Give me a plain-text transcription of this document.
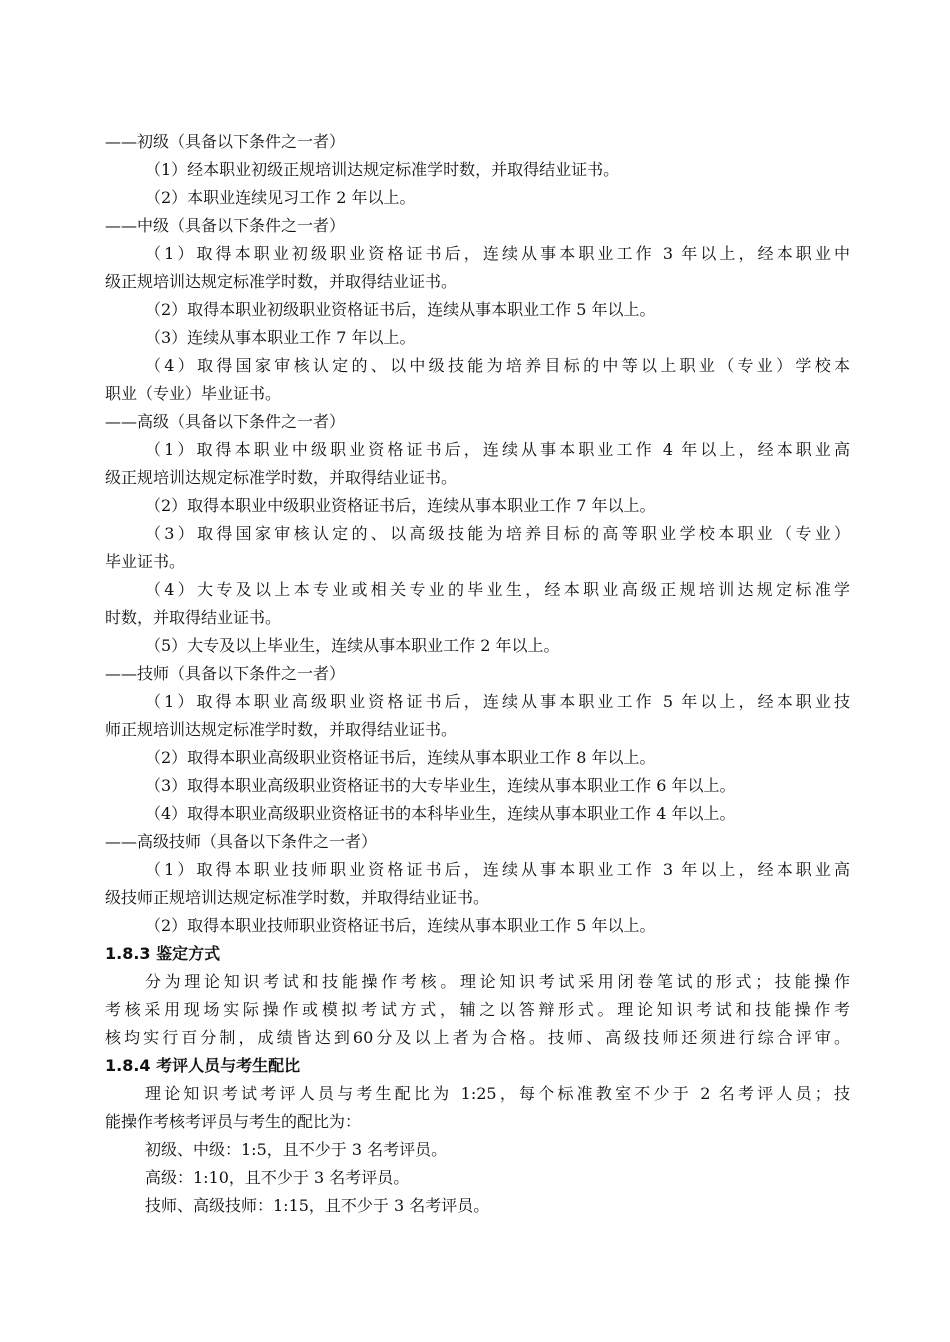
——初级（具备以下条件之一者）
（1）经本职业初级正规培训达规定标准学时数，并取得结业证书。
（2）本职业连续见习工作 2 年以上。
——中级（具备以下条件之一者）
（1）取得本职业初级职业资格证书后，连续从事本职业工作 3 年以上，经本职业中
级正规培训达规定标准学时数，并取得结业证书。
（2）取得本职业初级职业资格证书后，连续从事本职业工作 5 年以上。
（3）连续从事本职业工作 7 年以上。
（4）取得国家审核认定的、以中级技能为培养目标的中等以上职业（专业）学校本
职业（专业）毕业证书。
——高级（具备以下条件之一者）
（1）取得本职业中级职业资格证书后，连续从事本职业工作 4 年以上，经本职业高
级正规培训达规定标准学时数，并取得结业证书。
（2）取得本职业中级职业资格证书后，连续从事本职业工作 7 年以上。
（3）取得国家审核认定的、以高级技能为培养目标的高等职业学校本职业（专业）
毕业证书。
（4）大专及以上本专业或相关专业的毕业生，经本职业高级正规培训达规定标准学
时数，并取得结业证书。
（5）大专及以上毕业生，连续从事本职业工作 2 年以上。
——技师（具备以下条件之一者）
（1）取得本职业高级职业资格证书后，连续从事本职业工作 5 年以上，经本职业技
师正规培训达规定标准学时数，并取得结业证书。
（2）取得本职业高级职业资格证书后，连续从事本职业工作 8 年以上。
（3）取得本职业高级职业资格证书的大专毕业生，连续从事本职业工作 6 年以上。
（4）取得本职业高级职业资格证书的本科毕业生，连续从事本职业工作 4 年以上。
——高级技师（具备以下条件之一者）
（1）取得本职业技师职业资格证书后，连续从事本职业工作 3 年以上，经本职业高
级技师正规培训达规定标准学时数，并取得结业证书。
（2）取得本职业技师职业资格证书后，连续从事本职业工作 5 年以上。
1.8.3 鉴定方式
分为理论知识考试和技能操作考核。理论知识考试采用闭卷笔试的形式；技能操作
考核采用现场实际操作或模拟考试方式，辅之以答辩形式。理论知识考试和技能操作考
核均实行百分制，成绩皆达到60分及以上者为合格。技师、高级技师还须进行综合评审。
1.8.4 考评人员与考生配比
理论知识考试考评人员与考生配比为 1:25，每个标准教室不少于 2 名考评人员；技
能操作考核考评员与考生的配比为：
初级、中级：1:5，且不少于 3 名考评员。
高级：1:10，且不少于 3 名考评员。
技师、高级技师：1:15，且不少于 3 名考评员。
